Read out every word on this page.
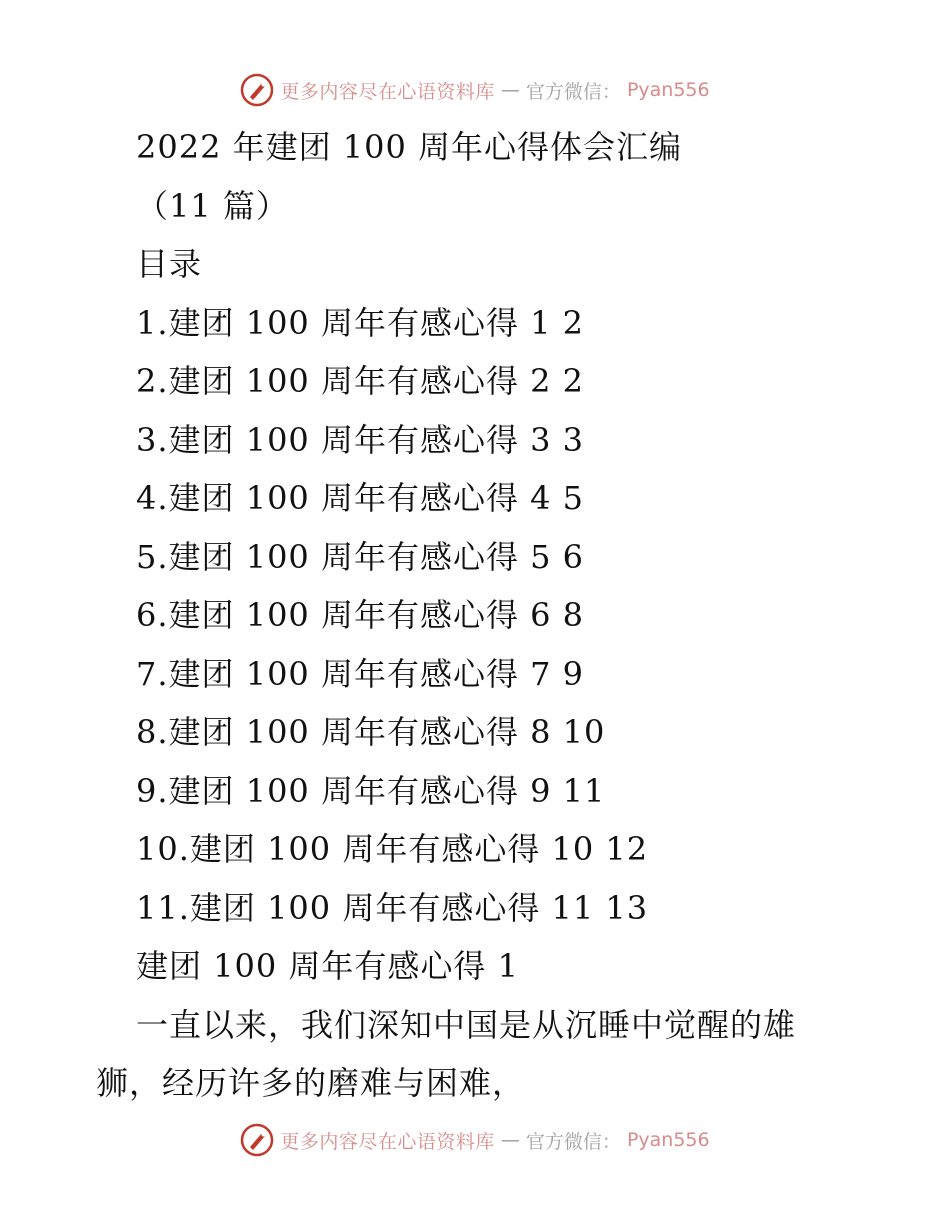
更多内容尽在心语资料库 — 官方微信： Pyan556
2022 年建团 100 周年心得体会汇编
（11 篇）
目录
1.建团 100 周年有感心得 1 2
2.建团 100 周年有感心得 2 2
3.建团 100 周年有感心得 3 3
4.建团 100 周年有感心得 4 5
5.建团 100 周年有感心得 5 6
6.建团 100 周年有感心得 6 8
7.建团 100 周年有感心得 7 9
8.建团 100 周年有感心得 8 10
9.建团 100 周年有感心得 9 11
10.建团 100 周年有感心得 10 12
11.建团 100 周年有感心得 11 13
建团 100 周年有感心得 1
一直以来，我们深知中国是从沉睡中觉醒的雄
狮，经历许多的磨难与困难，
更多内容尽在心语资料库 — 官方微信： Pyan556
